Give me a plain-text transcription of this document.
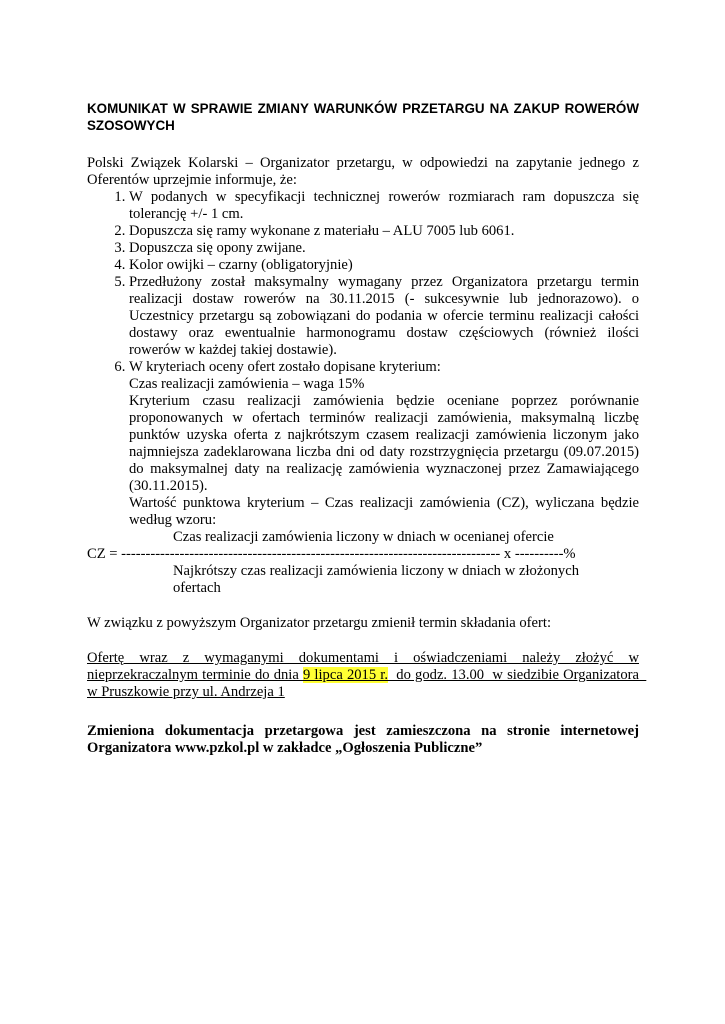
KOMUNIKAT W SPRAWIE ZMIANY WARUNKÓW PRZETARGU NA ZAKUP ROWERÓW SZOSOWYCH

Polski Związek Kolarski – Organizator przetargu, w odpowiedzi na zapytanie jednego z Oferentów uprzejmie informuje, że:

1. W podanych w specyfikacji technicznej rowerów rozmiarach ram dopuszcza się tolerancję +/- 1 cm.
2. Dopuszcza się ramy wykonane z materiału – ALU 7005 lub 6061.
3. Dopuszcza się opony zwijane.
4. Kolor owijki – czarny (obligatoryjnie)
5. Przedłużony został maksymalny wymagany przez Organizatora przetargu termin realizacji dostaw rowerów na 30.11.2015 (- sukcesywnie lub jednorazowo). o Uczestnicy przetargu są zobowiązani do podania w ofercie terminu realizacji całości dostawy oraz ewentualnie harmonogramu dostaw częściowych (również ilości rowerów w każdej takiej dostawie).
6. W kryteriach oceny ofert zostało dopisane kryterium:
Czas realizacji zamówienia – waga 15%
Kryterium czasu realizacji zamówienia będzie oceniane poprzez porównanie proponowanych w ofertach terminów realizacji zamówienia, maksymalną liczbę punktów uzyska oferta z najkrótszym czasem realizacji zamówienia liczonym jako najmniejsza zadeklarowana liczba dni od daty rozstrzygnięcia przetargu (09.07.2015) do maksymalnej daty na realizację zamówienia wyznaczonej przez Zamawiającego (30.11.2015).
Wartość punktowa kryterium – Czas realizacji zamówienia (CZ), wyliczana będzie według wzoru:
Czas realizacji zamówienia liczony w dniach w ocenianej ofercie
CZ = ------------------------------------------------------------------------------ x ----------%
Najkrótszy czas realizacji zamówienia liczony w dniach w złożonych ofertach

W związku z powyższym Organizator przetargu zmienił termin składania ofert:

Ofertę wraz z wymaganymi dokumentami i oświadczeniami należy złożyć w nieprzekraczalnym terminie do dnia 9 lipca 2015 r.  do godz. 13.00  w siedzibie Organizatora  w Pruszkowie przy ul. Andrzeja 1

Zmieniona dokumentacja przetargowa jest zamieszczona na stronie internetowej Organizatora www.pzkol.pl w zakładce „Ogłoszenia Publiczne”
